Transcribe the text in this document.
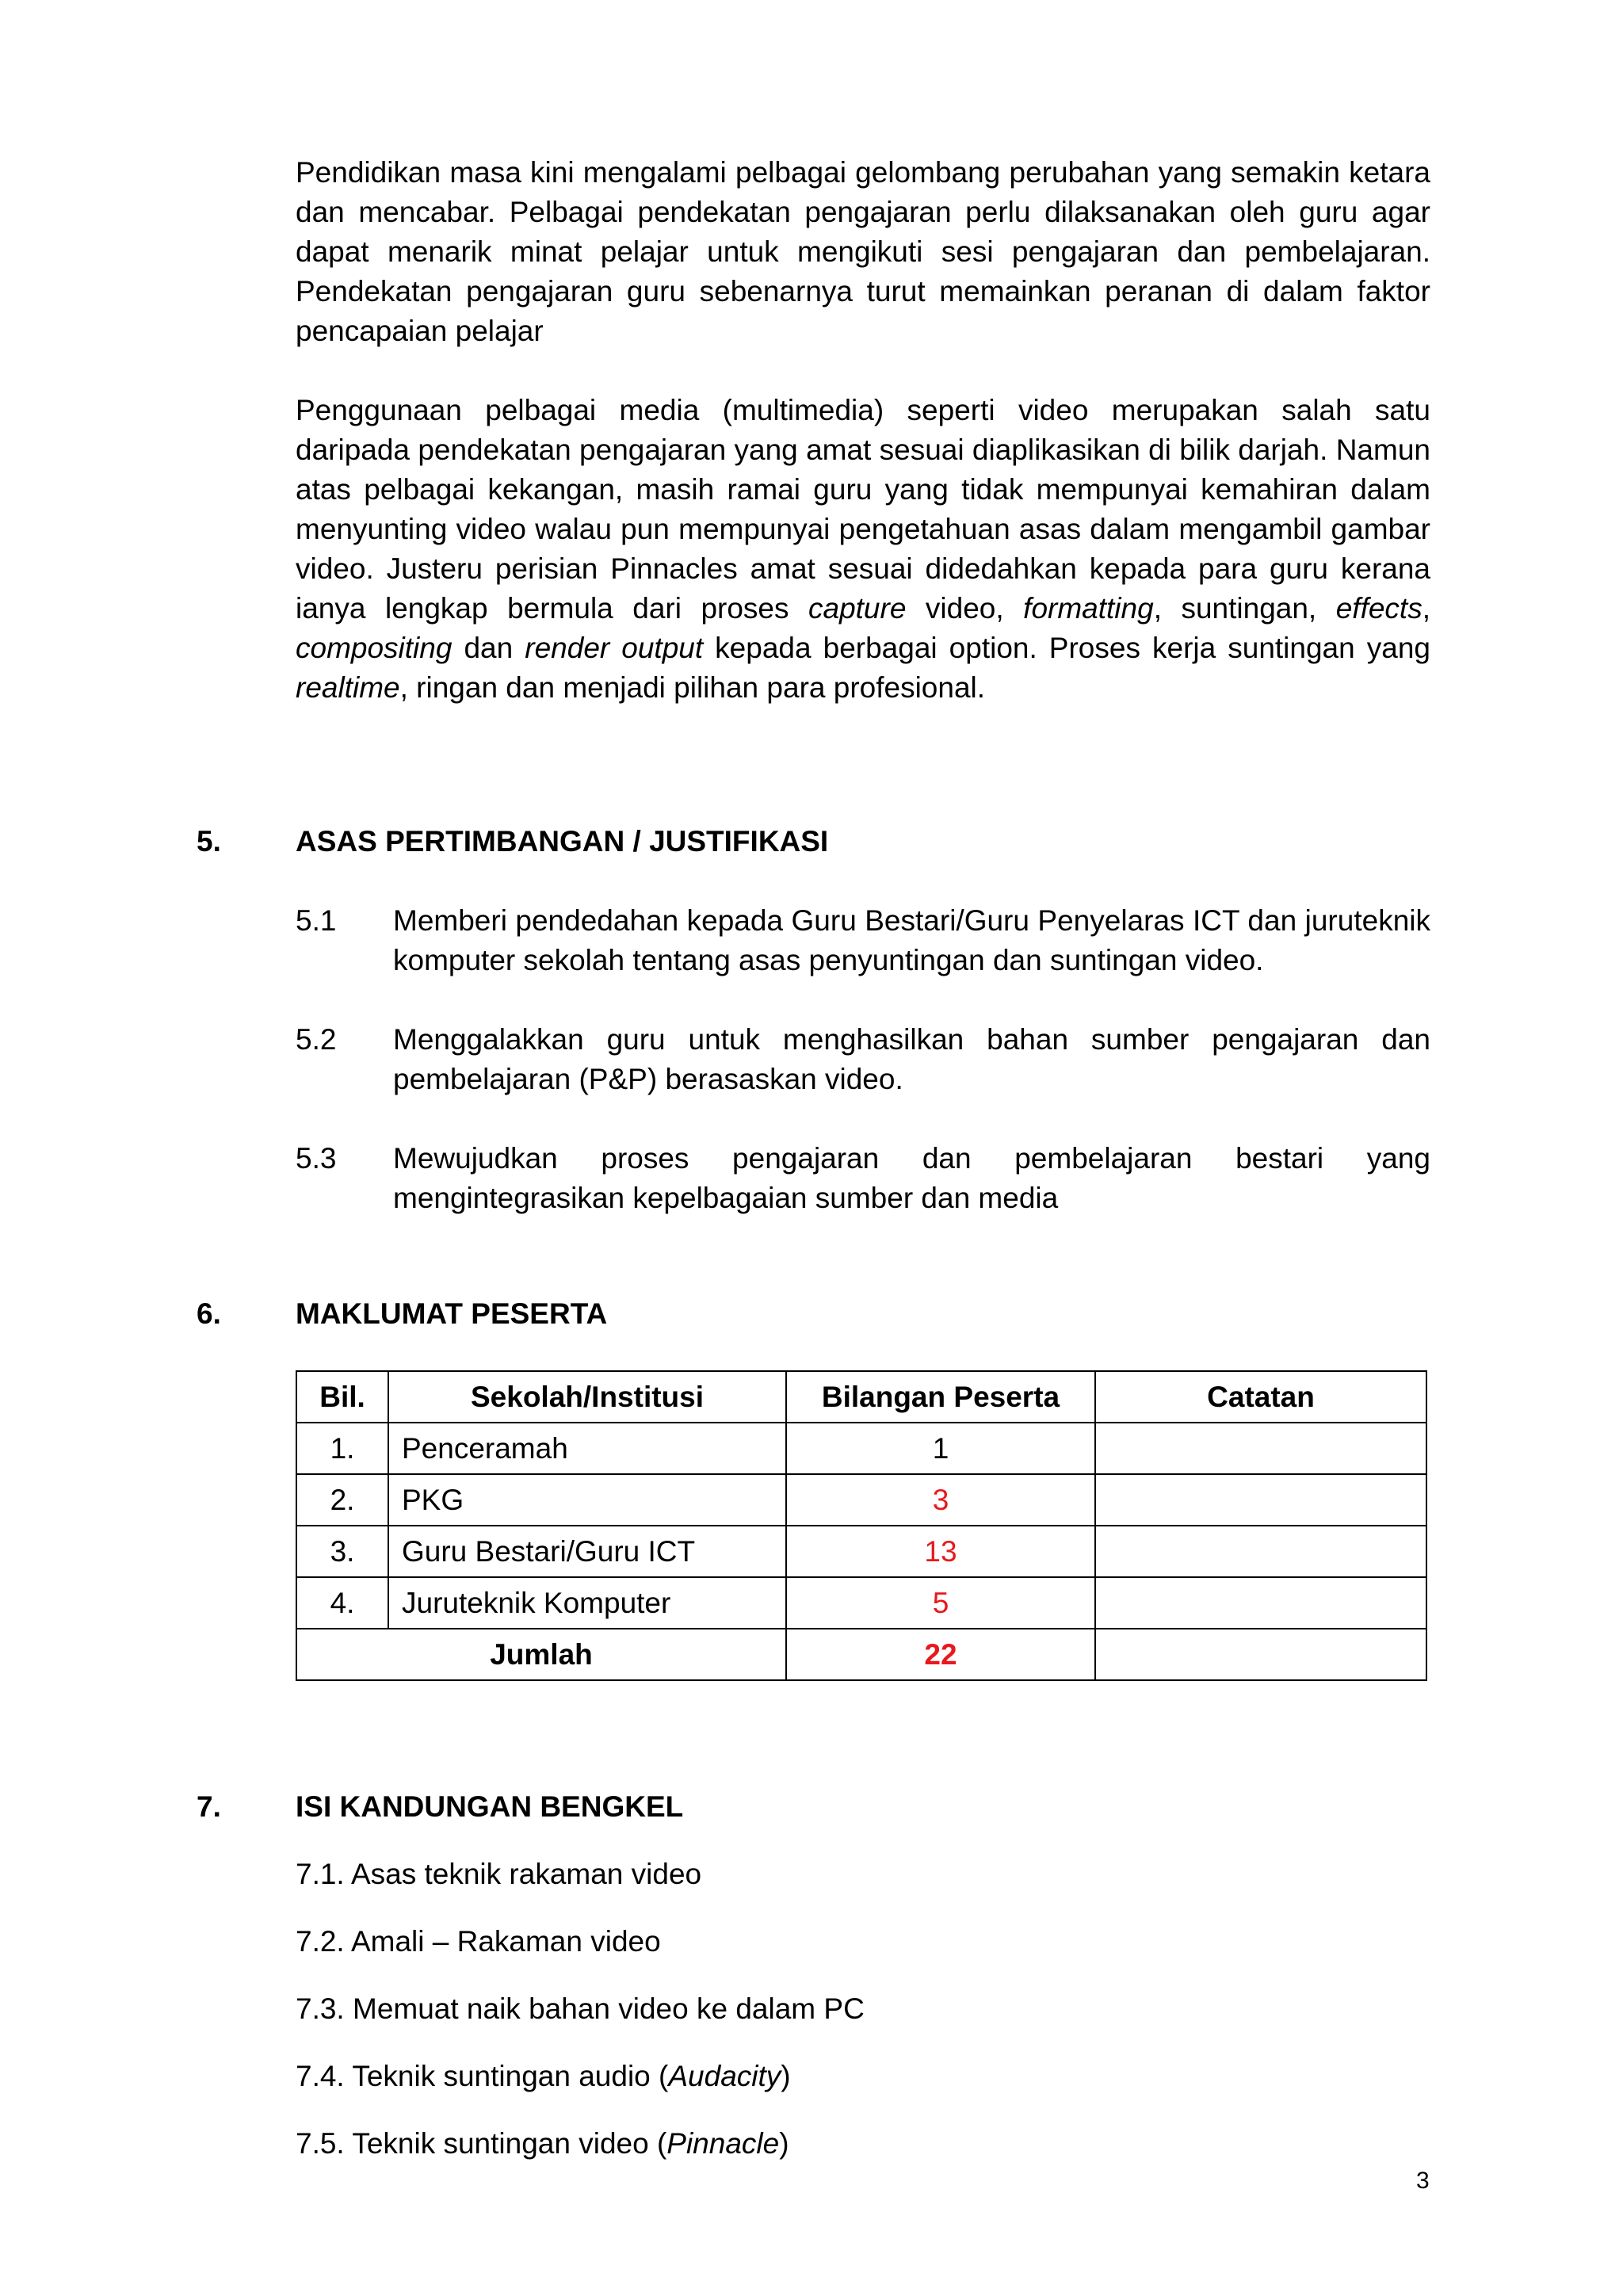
Pendidikan masa kini mengalami pelbagai gelombang perubahan yang semakin ketara dan mencabar. Pelbagai pendekatan pengajaran perlu dilaksanakan oleh guru agar dapat menarik minat pelajar untuk mengikuti sesi pengajaran dan pembelajaran. Pendekatan pengajaran guru sebenarnya turut memainkan peranan di dalam faktor pencapaian pelajar

Penggunaan pelbagai media (multimedia) seperti video merupakan salah satu daripada pendekatan pengajaran yang amat sesuai diaplikasikan di bilik darjah. Namun atas pelbagai kekangan, masih ramai guru yang tidak mempunyai kemahiran dalam menyunting video walau pun mempunyai pengetahuan asas dalam mengambil gambar video. Justeru perisian Pinnacles amat sesuai didedahkan kepada para guru kerana ianya lengkap bermula dari proses capture video, formatting, suntingan, effects, compositing dan render output kepada berbagai option. Proses kerja suntingan yang realtime, ringan dan menjadi pilihan para profesional.

5.	ASAS PERTIMBANGAN / JUSTIFIKASI
5.1 Memberi pendedahan kepada Guru Bestari/Guru Penyelaras ICT dan juruteknik komputer sekolah tentang asas penyuntingan dan suntingan video.
5.2 Menggalakkan guru untuk menghasilkan bahan sumber pengajaran dan pembelajaran (P&P) berasaskan video.
5.3 Mewujudkan proses pengajaran dan pembelajaran bestari yang mengintegrasikan kepelbagaian sumber dan media
6.	MAKLUMAT PESERTA
Bil.	Sekolah/Institusi	Bilangan Peserta	Catatan
1.	Penceramah	1	
2.	PKG	3	
3.	Guru Bestari/Guru ICT	13	
4.	Juruteknik Komputer	5	
Jumlah		22	
7.	ISI KANDUNGAN BENGKEL
7.1. Asas teknik rakaman video
7.2. Amali – Rakaman video
7.3. Memuat naik bahan video ke dalam PC
7.4. Teknik suntingan audio (Audacity)
7.5. Teknik suntingan video (Pinnacle)
3
